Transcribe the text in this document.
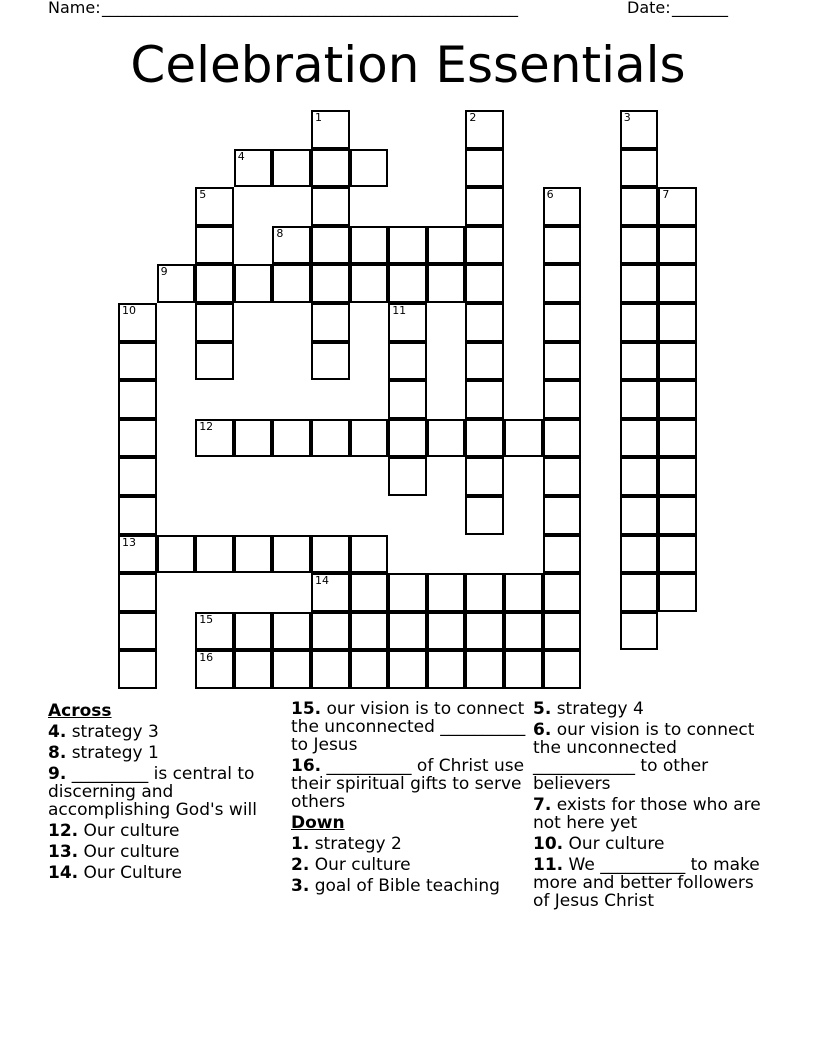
Name: ____________________________________________________	Date: _______
Celebration Essentials
1	2	3
4
5	6	7
8
9
10
13
11
12
14
15
16
Across
4. strategy 3
8. strategy 1
9. _________ is central to discerning and accomplishing God's will
12. Our culture
13. Our culture
14. Our Culture
15. our vision is to connect the unconnected __________ to Jesus
16. __________ of Christ use their spiritual gifts to serve others
Down
1. strategy 2
2. Our culture
3. goal of Bible teaching
5. strategy 4
6. our vision is to connect the unconnected ____________ to other believers
7. exists for those who are not here yet
10. Our culture
11. We __________ to make more and better followers of Jesus Christ
